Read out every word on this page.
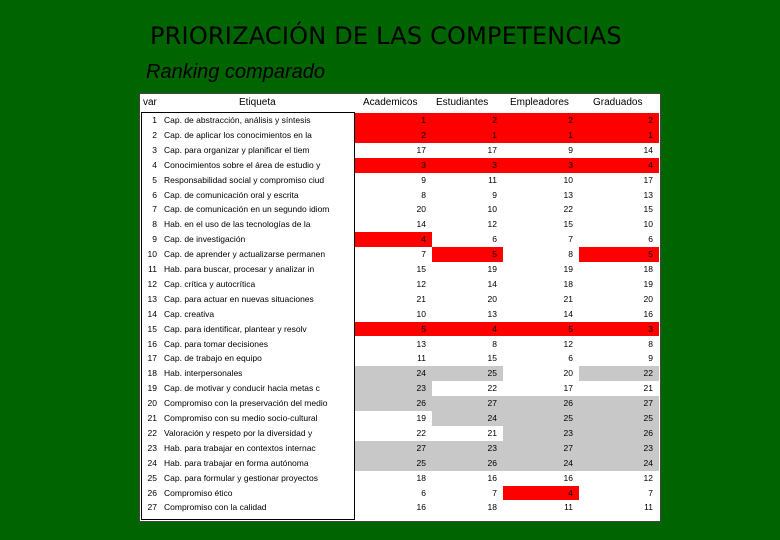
PRIORIZACIÓN DE LAS COMPETENCIAS
Ranking comparado
var	Etiqueta	Academicos Estudiantes Empleadores Graduados
1 Cap. de abstracción, análisis y síntesis	1	2	2	2
2 Cap. de aplicar los conocimientos en la	2	1	1	1
3 Cap. para organizar y planificar el tiem	17	17	9	14
4 Conocimientos sobre el área de estudio y	3	3	3	4
5 Responsabilidad social y compromiso ciud	9	11	10	17
6 Cap. de comunicación oral y escrita	8	9	13	13
7 Cap. de comunicación en un segundo idiom	20	10	22	15
8 Hab. en el uso de las tecnologías de la	14	12	15	10
9 Cap. de investigación	4	6	7	6
10 Cap. de aprender y actualizarse permanen	7	5	8	5
11 Hab. para buscar, procesar y analizar in	15	19	19	18
12 Cap. crítica y autocrítica	12	14	18	19
13 Cap. para actuar en nuevas situaciones	21	20	21	20
14 Cap. creativa	10	13	14	16
15 Cap. para identificar, plantear y resolv	5	4	5	3
16 Cap. para tomar decisiones	13	8	12	8
17 Cap. de trabajo en equipo	11	15	6	9
18 Hab. interpersonales	24	25	20	22
19 Cap. de motivar y conducir hacia metas c	23	22	17	21
20 Compromiso con la preservación del medio	26	27	26	27
21 Compromiso con su medio socio-cultural	19	24	25	25
22 Valoración y respeto por la diversidad y	22	21	23	26
23 Hab. para trabajar en contextos internac	27	23	27	23
24 Hab. para trabajar en forma autónoma	25	26	24	24
25 Cap. para formular y gestionar proyectos	18	16	16	12
26 Compromiso ético	6	7	4	7
27 Compromiso con la calidad	16	18	11	11
